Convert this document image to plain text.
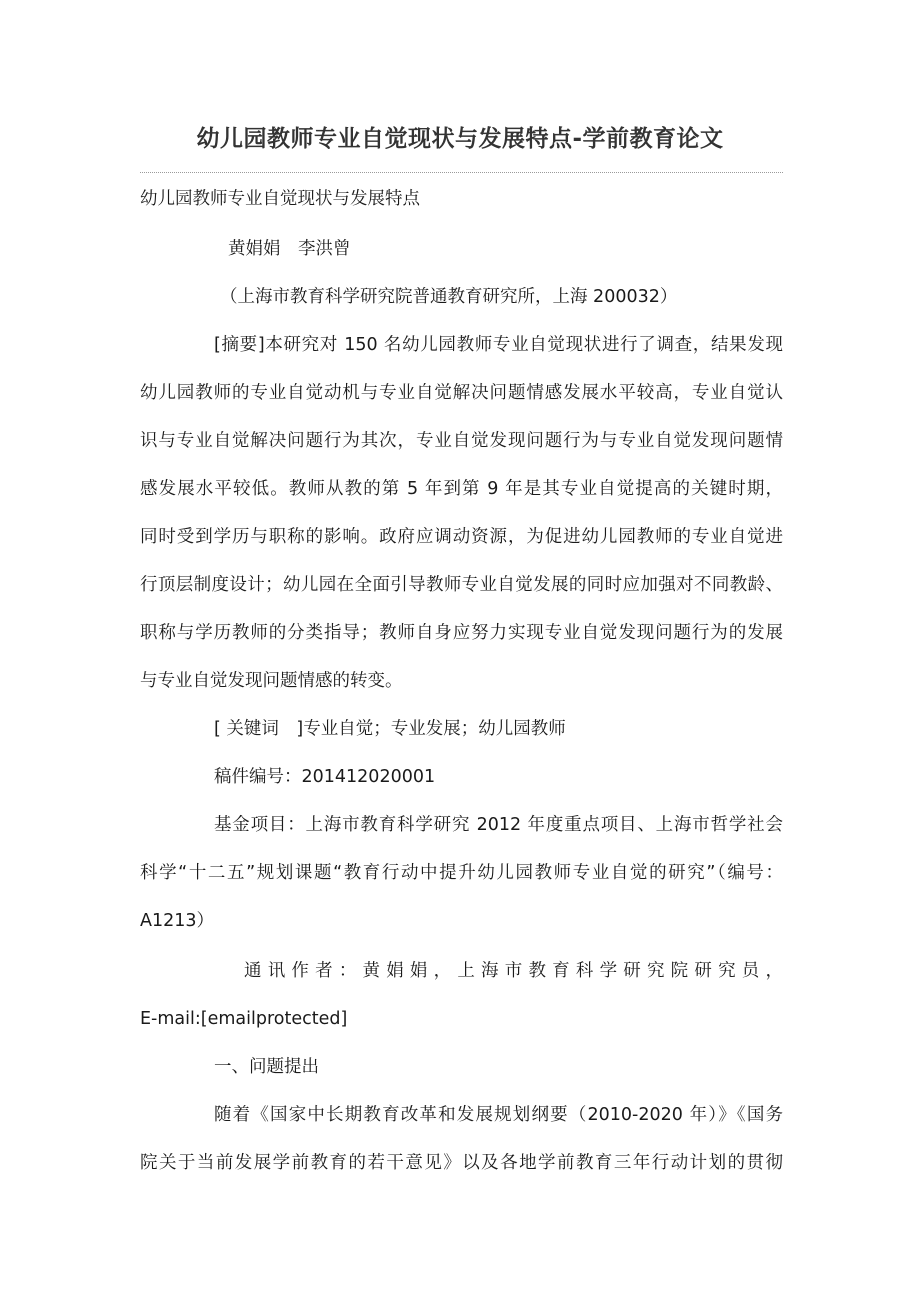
幼儿园教师专业自觉现状与发展特点-学前教育论文
幼儿园教师专业自觉现状与发展特点
黄娟娟　李洪曾
（上海市教育科学研究院普通教育研究所，上海 200032）
[摘要]本研究对 150 名幼儿园教师专业自觉现状进行了调查，结果发现
幼儿园教师的专业自觉动机与专业自觉解决问题情感发展水平较高，专业自觉认
识与专业自觉解决问题行为其次，专业自觉发现问题行为与专业自觉发现问题情
感发展水平较低。教师从教的第 5 年到第 9 年是其专业自觉提高的关键时期，
同时受到学历与职称的影响。政府应调动资源，为促进幼儿园教师的专业自觉进
行顶层制度设计；幼儿园在全面引导教师专业自觉发展的同时应加强对不同教龄、
职称与学历教师的分类指导；教师自身应努力实现专业自觉发现问题行为的发展
与专业自觉发现问题情感的转变。
[ 关键词　]专业自觉；专业发展；幼儿园教师
稿件编号：201412020001
基金项目：上海市教育科学研究 2012 年度重点项目、上海市哲学社会
科学“十二五”规划课题“教育行动中提升幼儿园教师专业自觉的研究”（编号：
A1213）
通讯作者：黄娟娟，上海市教育科学研究院研究员，
E-mail:[emailprotected]
一、问题提出
随着《国家中长期教育改革和发展规划纲要（2010-2020 年）》《国务
院关于当前发展学前教育的若干意见》以及各地学前教育三年行动计划的贯彻
